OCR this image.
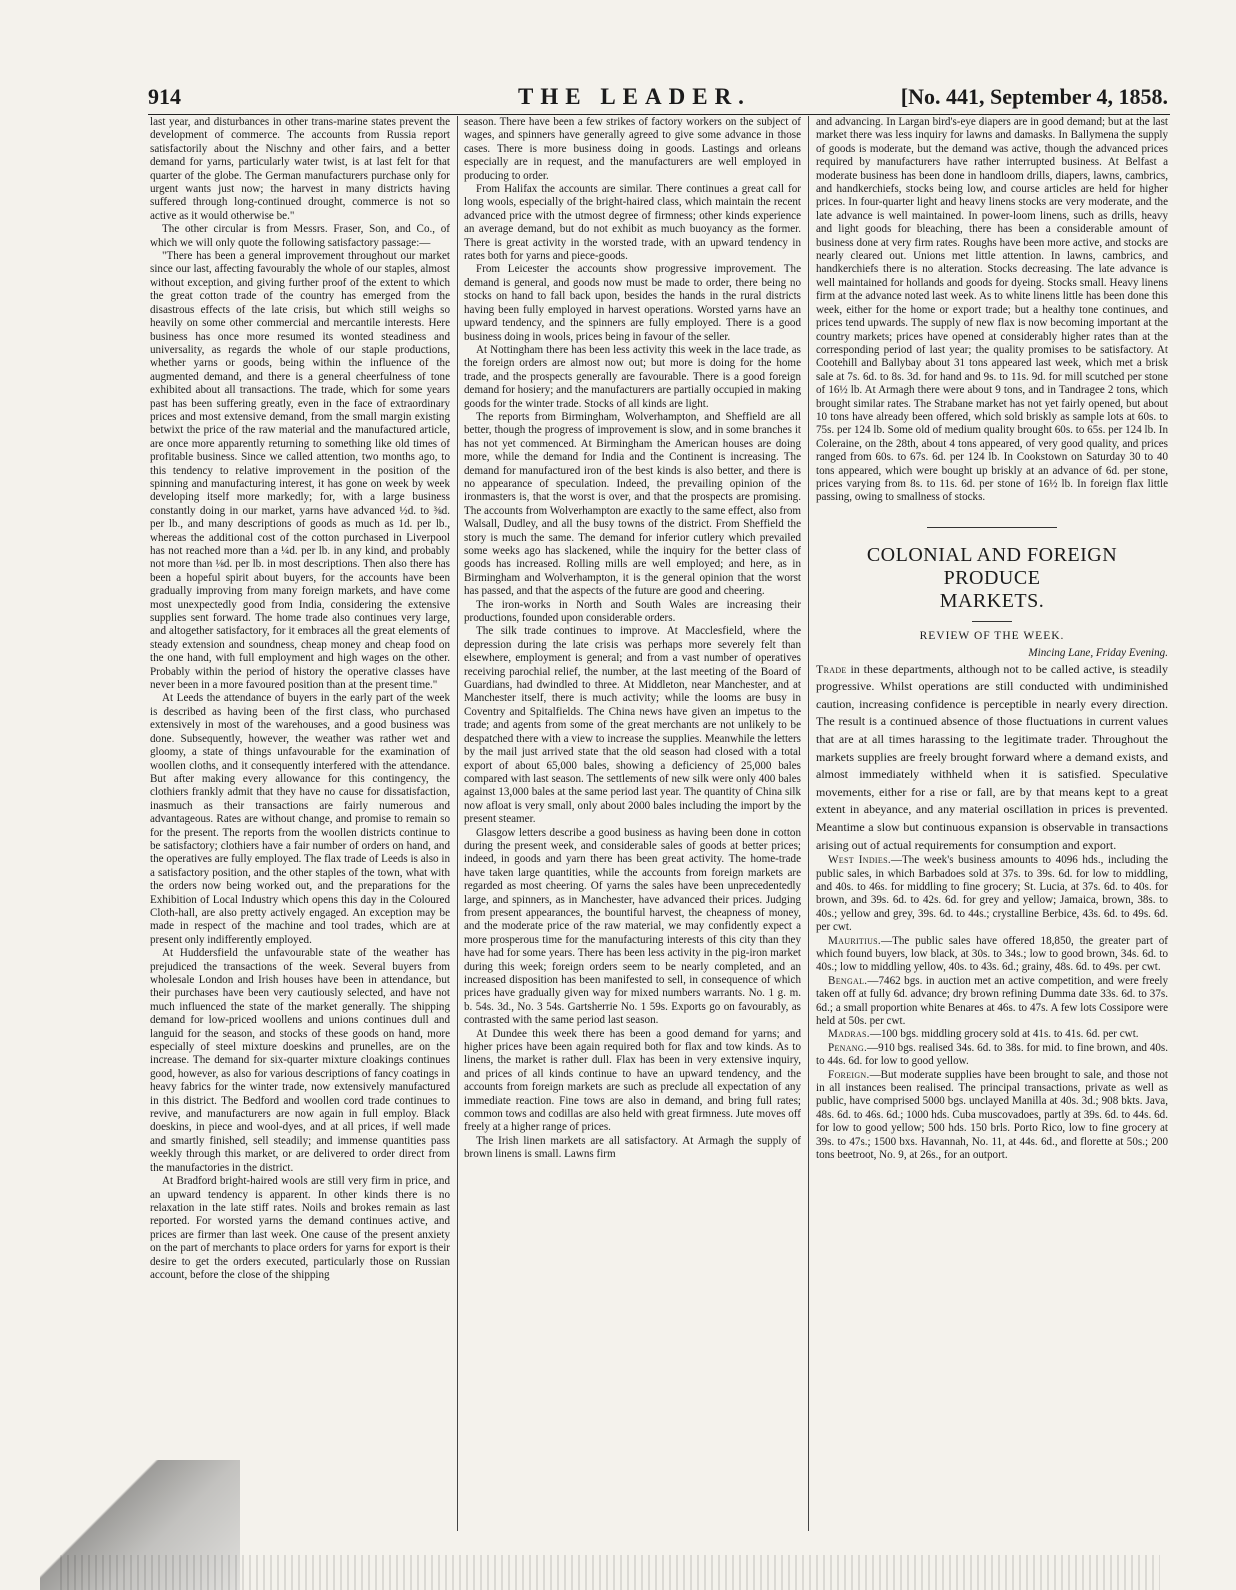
914	THE LEADER.	[No. 441, September 4, 1858.

last year, and disturbances in other trans-marine states prevent the development of commerce. The accounts from Russia report satisfactorily about the Nischny and other fairs, and a better demand for yarns, particularly water twist, is at last felt for that quarter of the globe. The German manufacturers purchase only for urgent wants just now; the harvest in many districts having suffered through long-continued drought, commerce is not so active as it would otherwise be."

The other circular is from Messrs. Fraser, Son, and Co., of which we will only quote the following satisfactory passage:—

"There has been a general improvement throughout our market since our last, affecting favourably the whole of our staples, almost without exception, and giving further proof of the extent to which the great cotton trade of the country has emerged from the disastrous effects of the late crisis, but which still weighs so heavily on some other commercial and mercantile interests. Here business has once more resumed its wonted steadiness and universality, as regards the whole of our staple productions, whether yarns or goods, being within the influence of the augmented demand, and there is a general cheerfulness of tone exhibited about all transactions. The trade, which for some years past has been suffering greatly, even in the face of extraordinary prices and most extensive demand, from the small margin existing betwixt the price of the raw material and the manufactured article, are once more apparently returning to something like old times of profitable business. Since we called attention, two months ago, to this tendency to relative improvement in the position of the spinning and manufacturing interest, it has gone on week by week developing itself more markedly; for, with a large business constantly doing in our market, yarns have advanced ½d. to ⅜d. per lb., and many descriptions of goods as much as 1d. per lb., whereas the additional cost of the cotton purchased in Liverpool has not reached more than a ¼d. per lb. in any kind, and probably not more than ⅛d. per lb. in most descriptions. Then also there has been a hopeful spirit about buyers, for the accounts have been gradually improving from many foreign markets, and have come most unexpectedly good from India, considering the extensive supplies sent forward. The home trade also continues very large, and altogether satisfactory, for it embraces all the great elements of steady extension and soundness, cheap money and cheap food on the one hand, with full employment and high wages on the other. Probably within the period of history the operative classes have never been in a more favoured position than at the present time."

At Leeds the attendance of buyers in the early part of the week is described as having been of the first class, who purchased extensively in most of the warehouses, and a good business was done. Subsequently, however, the weather was rather wet and gloomy, a state of things unfavourable for the examination of woollen cloths, and it consequently interfered with the attendance. But after making every allowance for this contingency, the clothiers frankly admit that they have no cause for dissatisfaction, inasmuch as their transactions are fairly numerous and advantageous. Rates are without change, and promise to remain so for the present. The reports from the woollen districts continue to be satisfactory; clothiers have a fair number of orders on hand, and the operatives are fully employed. The flax trade of Leeds is also in a satisfactory position, and the other staples of the town, what with the orders now being worked out, and the preparations for the Exhibition of Local Industry which opens this day in the Coloured Cloth-hall, are also pretty actively engaged. An exception may be made in respect of the machine and tool trades, which are at present only indifferently employed.

At Huddersfield the unfavourable state of the weather has prejudiced the transactions of the week. Several buyers from wholesale London and Irish houses have been in attendance, but their purchases have been very cautiously selected, and have not much influenced the state of the market generally. The shipping demand for low-priced woollens and unions continues dull and languid for the season, and stocks of these goods on hand, more especially of steel mixture doeskins and prunelles, are on the increase. The demand for six-quarter mixture cloakings continues good, however, as also for various descriptions of fancy coatings in heavy fabrics for the winter trade, now extensively manufactured in this district. The Bedford and woollen cord trade continues to revive, and manufacturers are now again in full employ. Black doeskins, in piece and wool-dyes, and at all prices, if well made and smartly finished, sell steadily; and immense quantities pass weekly through this market, or are delivered to order direct from the manufactories in the district.

At Bradford bright-haired wools are still very firm in price, and an upward tendency is apparent. In other kinds there is no relaxation in the late stiff rates. Noils and brokes remain as last reported. For worsted yarns the demand continues active, and prices are firmer than last week. One cause of the present anxiety on the part of merchants to place orders for yarns for export is their desire to get the orders executed, particularly those on Russian account, before the close of the shipping

season. There have been a few strikes of factory workers on the subject of wages, and spinners have generally agreed to give some advance in those cases. There is more business doing in goods. Lastings and orleans especially are in request, and the manufacturers are well employed in producing to order.

From Halifax the accounts are similar. There continues a great call for long wools, especially of the bright-haired class, which maintain the recent advanced price with the utmost degree of firmness; other kinds experience an average demand, but do not exhibit as much buoyancy as the former. There is great activity in the worsted trade, with an upward tendency in rates both for yarns and piece-goods.

From Leicester the accounts show progressive improvement. The demand is general, and goods now must be made to order, there being no stocks on hand to fall back upon, besides the hands in the rural districts having been fully employed in harvest operations. Worsted yarns have an upward tendency, and the spinners are fully employed. There is a good business doing in wools, prices being in favour of the seller.

At Nottingham there has been less activity this week in the lace trade, as the foreign orders are almost now out; but more is doing for the home trade, and the prospects generally are favourable. There is a good foreign demand for hosiery; and the manufacturers are partially occupied in making goods for the winter trade. Stocks of all kinds are light.

The reports from Birmingham, Wolverhampton, and Sheffield are all better, though the progress of improvement is slow, and in some branches it has not yet commenced. At Birmingham the American houses are doing more, while the demand for India and the Continent is increasing. The demand for manufactured iron of the best kinds is also better, and there is no appearance of speculation. Indeed, the prevailing opinion of the ironmasters is, that the worst is over, and that the prospects are promising. The accounts from Wolverhampton are exactly to the same effect, also from Walsall, Dudley, and all the busy towns of the district. From Sheffield the story is much the same. The demand for inferior cutlery which prevailed some weeks ago has slackened, while the inquiry for the better class of goods has increased. Rolling mills are well employed; and here, as in Birmingham and Wolverhampton, it is the general opinion that the worst has passed, and that the aspects of the future are good and cheering.

The iron-works in North and South Wales are increasing their productions, founded upon considerable orders.

The silk trade continues to improve. At Macclesfield, where the depression during the late crisis was perhaps more severely felt than elsewhere, employment is general; and from a vast number of operatives receiving parochial relief, the number, at the last meeting of the Board of Guardians, had dwindled to three. At Middleton, near Manchester, and at Manchester itself, there is much activity; while the looms are busy in Coventry and Spitalfields. The China news have given an impetus to the trade; and agents from some of the great merchants are not unlikely to be despatched there with a view to increase the supplies. Meanwhile the letters by the mail just arrived state that the old season had closed with a total export of about 65,000 bales, showing a deficiency of 25,000 bales compared with last season. The settlements of new silk were only 400 bales against 13,000 bales at the same period last year. The quantity of China silk now afloat is very small, only about 2000 bales including the import by the present steamer.

Glasgow letters describe a good business as having been done in cotton during the present week, and considerable sales of goods at better prices; indeed, in goods and yarn there has been great activity. The home-trade have taken large quantities, while the accounts from foreign markets are regarded as most cheering. Of yarns the sales have been unprecedentedly large, and spinners, as in Manchester, have advanced their prices. Judging from present appearances, the bountiful harvest, the cheapness of money, and the moderate price of the raw material, we may confidently expect a more prosperous time for the manufacturing interests of this city than they have had for some years. There has been less activity in the pig-iron market during this week; foreign orders seem to be nearly completed, and an increased disposition has been manifested to sell, in consequence of which prices have gradually given way for mixed numbers warrants. No. 1 g. m. b. 54s. 3d., No. 3 54s. Gartsherrie No. 1 59s. Exports go on favourably, as contrasted with the same period last season.

At Dundee this week there has been a good demand for yarns; and higher prices have been again required both for flax and tow kinds. As to linens, the market is rather dull. Flax has been in very extensive inquiry, and prices of all kinds continue to have an upward tendency, and the accounts from foreign markets are such as preclude all expectation of any immediate reaction. Fine tows are also in demand, and bring full rates; common tows and codillas are also held with great firmness. Jute moves off freely at a higher range of prices.

The Irish linen markets are all satisfactory. At Armagh the supply of brown linens is small. Lawns firm

and advancing. In Largan bird's-eye diapers are in good demand; but at the last market there was less inquiry for lawns and damasks. In Ballymena the supply of goods is moderate, but the demand was active, though the advanced prices required by manufacturers have rather interrupted business. At Belfast a moderate business has been done in handloom drills, diapers, lawns, cambrics, and handkerchiefs, stocks being low, and course articles are held for higher prices. In four-quarter light and heavy linens stocks are very moderate, and the late advance is well maintained. In power-loom linens, such as drills, heavy and light goods for bleaching, there has been a considerable amount of business done at very firm rates. Roughs have been more active, and stocks are nearly cleared out. Unions met little attention. In lawns, cambrics, and handkerchiefs there is no alteration. Stocks decreasing. The late advance is well maintained for hollands and goods for dyeing. Stocks small. Heavy linens firm at the advance noted last week. As to white linens little has been done this week, either for the home or export trade; but a healthy tone continues, and prices tend upwards. The supply of new flax is now becoming important at the country markets; prices have opened at considerably higher rates than at the corresponding period of last year; the quality promises to be satisfactory. At Cootehill and Ballybay about 31 tons appeared last week, which met a brisk sale at 7s. 6d. to 8s. 3d. for hand and 9s. to 11s. 9d. for mill scutched per stone of 16½ lb. At Armagh there were about 9 tons, and in Tandragee 2 tons, which brought similar rates. The Strabane market has not yet fairly opened, but about 10 tons have already been offered, which sold briskly as sample lots at 60s. to 75s. per 124 lb. Some old of medium quality brought 60s. to 65s. per 124 lb. In Coleraine, on the 28th, about 4 tons appeared, of very good quality, and prices ranged from 60s. to 67s. 6d. per 124 lb. In Cookstown on Saturday 30 to 40 tons appeared, which were bought up briskly at an advance of 6d. per stone, prices varying from 8s. to 11s. 6d. per stone of 16½ lb. In foreign flax little passing, owing to smallness of stocks.

COLONIAL AND FOREIGN PRODUCE
MARKETS.
REVIEW OF THE WEEK.

Mincing Lane, Friday Evening.

Trade in these departments, although not to be called active, is steadily progressive. Whilst operations are still conducted with undiminished caution, increasing confidence is perceptible in nearly every direction. The result is a continued absence of those fluctuations in current values that are at all times harassing to the legitimate trader. Throughout the markets supplies are freely brought forward where a demand exists, and almost immediately withheld when it is satisfied. Speculative movements, either for a rise or fall, are by that means kept to a great extent in abeyance, and any material oscillation in prices is prevented. Meantime a slow but continuous expansion is observable in transactions arising out of actual requirements for consumption and export.

West Indies.—The week's business amounts to 4096 hds., including the public sales, in which Barbadoes sold at 37s. to 39s. 6d. for low to middling, and 40s. to 46s. for middling to fine grocery; St. Lucia, at 37s. 6d. to 40s. for brown, and 39s. 6d. to 42s. 6d. for grey and yellow; Jamaica, brown, 38s. to 40s.; yellow and grey, 39s. 6d. to 44s.; crystalline Berbice, 43s. 6d. to 49s. 6d. per cwt.

Mauritius.—The public sales have offered 18,850, the greater part of which found buyers, low black, at 30s. to 34s.; low to good brown, 34s. 6d. to 40s.; low to middling yellow, 40s. to 43s. 6d.; grainy, 48s. 6d. to 49s. per cwt.

Bengal.—7462 bgs. in auction met an active competition, and were freely taken off at fully 6d. advance; dry brown refining Dumma date 33s. 6d. to 37s. 6d.; a small proportion white Benares at 46s. to 47s. A few lots Cossipore were held at 50s. per cwt.

Madras.—100 bgs. middling grocery sold at 41s. to 41s. 6d. per cwt.

Penang.—910 bgs. realised 34s. 6d. to 38s. for mid. to fine brown, and 40s. to 44s. 6d. for low to good yellow.

Foreign.—But moderate supplies have been brought to sale, and those not in all instances been realised. The principal transactions, private as well as public, have comprised 5000 bgs. unclayed Manilla at 40s. 3d.; 908 bkts. Java, 48s. 6d. to 46s. 6d.; 1000 hds. Cuba muscovadoes, partly at 39s. 6d. to 44s. 6d. for low to good yellow; 500 hds. 150 brls. Porto Rico, low to fine grocery at 39s. to 47s.; 1500 bxs. Havannah, No. 11, at 44s. 6d., and florette at 50s.; 200 tons beetroot, No. 9, at 26s., for an outport.
